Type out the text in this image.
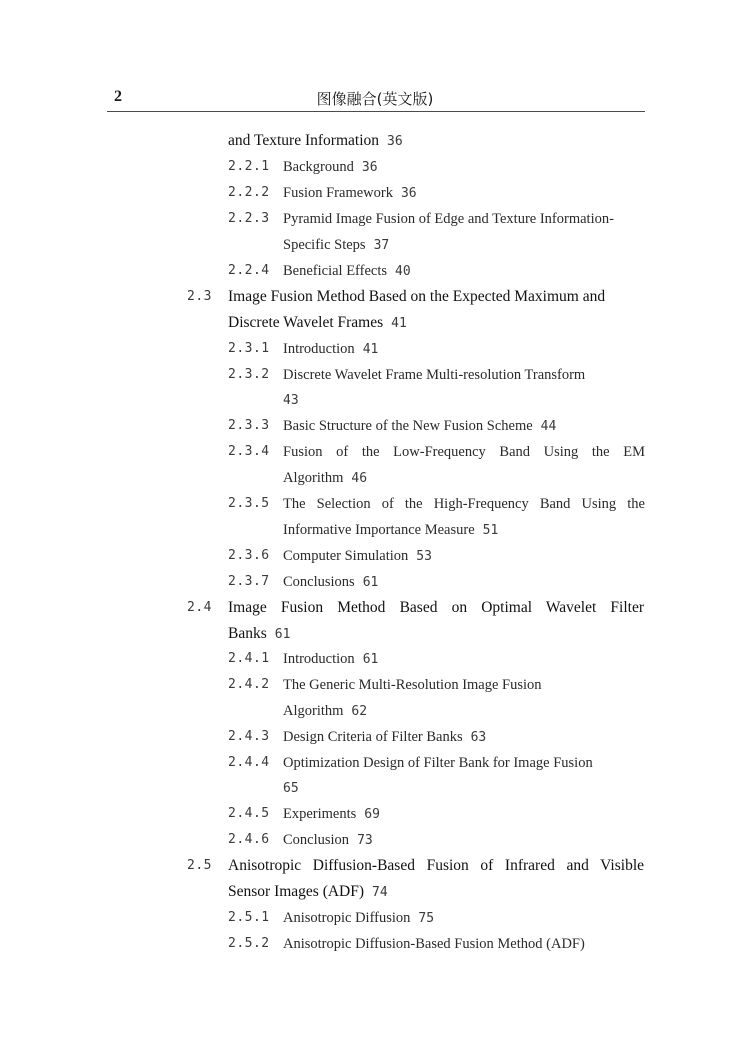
2	图像融合(英文版)
and Texture Information 36
2.2.1 Background 36
2.2.2 Fusion Framework 36
2.2.3 Pyramid Image Fusion of Edge and Texture Information-
Specific Steps 37
2.2.4 Beneficial Effects 40
2.3 Image Fusion Method Based on the Expected Maximum and
Discrete Wavelet Frames 41
2.3.1 Introduction 41
2.3.2 Discrete Wavelet Frame Multi-resolution Transform
43
2.3.3 Basic Structure of the New Fusion Scheme 44
2.3.4 Fusion of the Low-Frequency Band Using the EM
Algorithm 46
2.3.5 The Selection of the High-Frequency Band Using the
Informative Importance Measure 51
2.3.6 Computer Simulation 53
2.3.7 Conclusions 61
2.4 Image Fusion Method Based on Optimal Wavelet Filter
Banks 61
2.4.1 Introduction 61
2.4.2 The Generic Multi-Resolution Image Fusion
Algorithm 62
2.4.3 Design Criteria of Filter Banks 63
2.4.4 Optimization Design of Filter Bank for Image Fusion
65
2.4.5 Experiments 69
2.4.6 Conclusion 73
2.5 Anisotropic Diffusion-Based Fusion of Infrared and Visible
Sensor Images (ADF) 74
2.5.1 Anisotropic Diffusion 75
2.5.2 Anisotropic Diffusion-Based Fusion Method (ADF)
